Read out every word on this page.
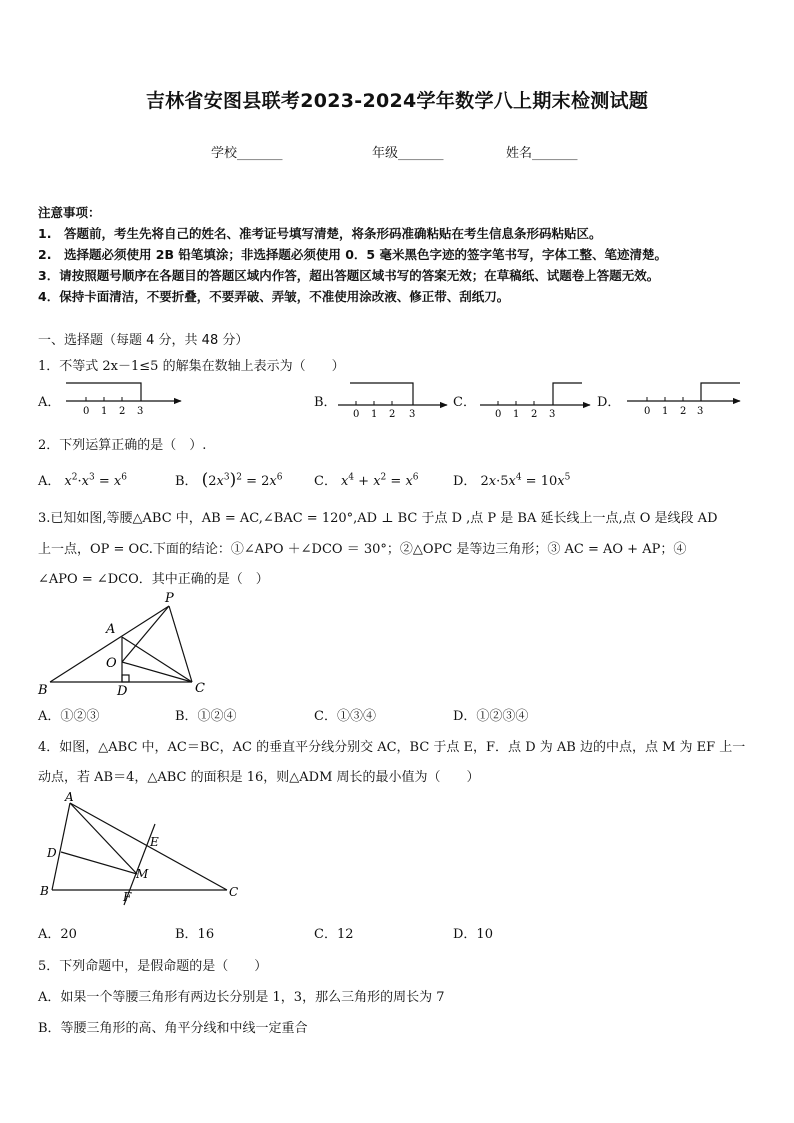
吉林省安图县联考2023-2024学年数学八上期末检测试题
学校_______	年级_______	姓名_______
注意事项：
1.　答题前，考生先将自己的姓名、准考证号填写清楚，将条形码准确粘贴在考生信息条形码粘贴区。
2.　选择题必须使用 2B 铅笔填涂；非选择题必须使用 0．5 毫米黑色字迹的签字笔书写，字体工整、笔迹清楚。
3．请按照题号顺序在各题目的答题区域内作答，超出答题区域书写的答案无效；在草稿纸、试题卷上答题无效。
4．保持卡面清洁，不要折叠，不要弄破、弄皱，不准使用涂改液、修正带、刮纸刀。
一、选择题（每题 4 分，共 48 分）
1．不等式 2x－1≤5 的解集在数轴上表示为（　　）
A．	B．	C．	D．
0 1 2 3	0 1 2 3	0 1 2 3	0 1 2 3
P
A
O
B	D	C
A
D
B
E
M
F	C
2．下列运算正确的是（　）.
A． $x^2\cdot x^3 = x^6$	B． $(2x^3)^2 = 2x^6$ C． $x^4 + x^2 = x^6$	D． $2x\cdot 5x^4 = 10x^5$
3.已知如图,等腰△ABC 中，AB = AC,∠BAC = 120°,AD ⊥ BC 于点 D ,点 P 是 BA 延长线上一点,点 O 是线段 AD
上一点，OP = OC.下面的结论：①∠APO ＋∠DCO ＝ 30°；②△OPC 是等边三角形；③ AC = AO + AP；④
∠APO = ∠DCO．其中正确的是（　）
A．①②③	B．①②④	C．①③④	D．①②③④
4．如图，△ABC 中，AC＝BC，AC 的垂直平分线分别交 AC，BC 于点 E，F．点 D 为 AB 边的中点，点 M 为 EF 上一
动点，若 AB＝4，△ABC 的面积是 16，则△ADM 周长的最小值为（　　）
A．20	B．16	C．12	D．10
5．下列命题中，是假命题的是（　　）
A．如果一个等腰三角形有两边长分别是 1，3，那么三角形的周长为 7
B．等腰三角形的高、角平分线和中线一定重合
